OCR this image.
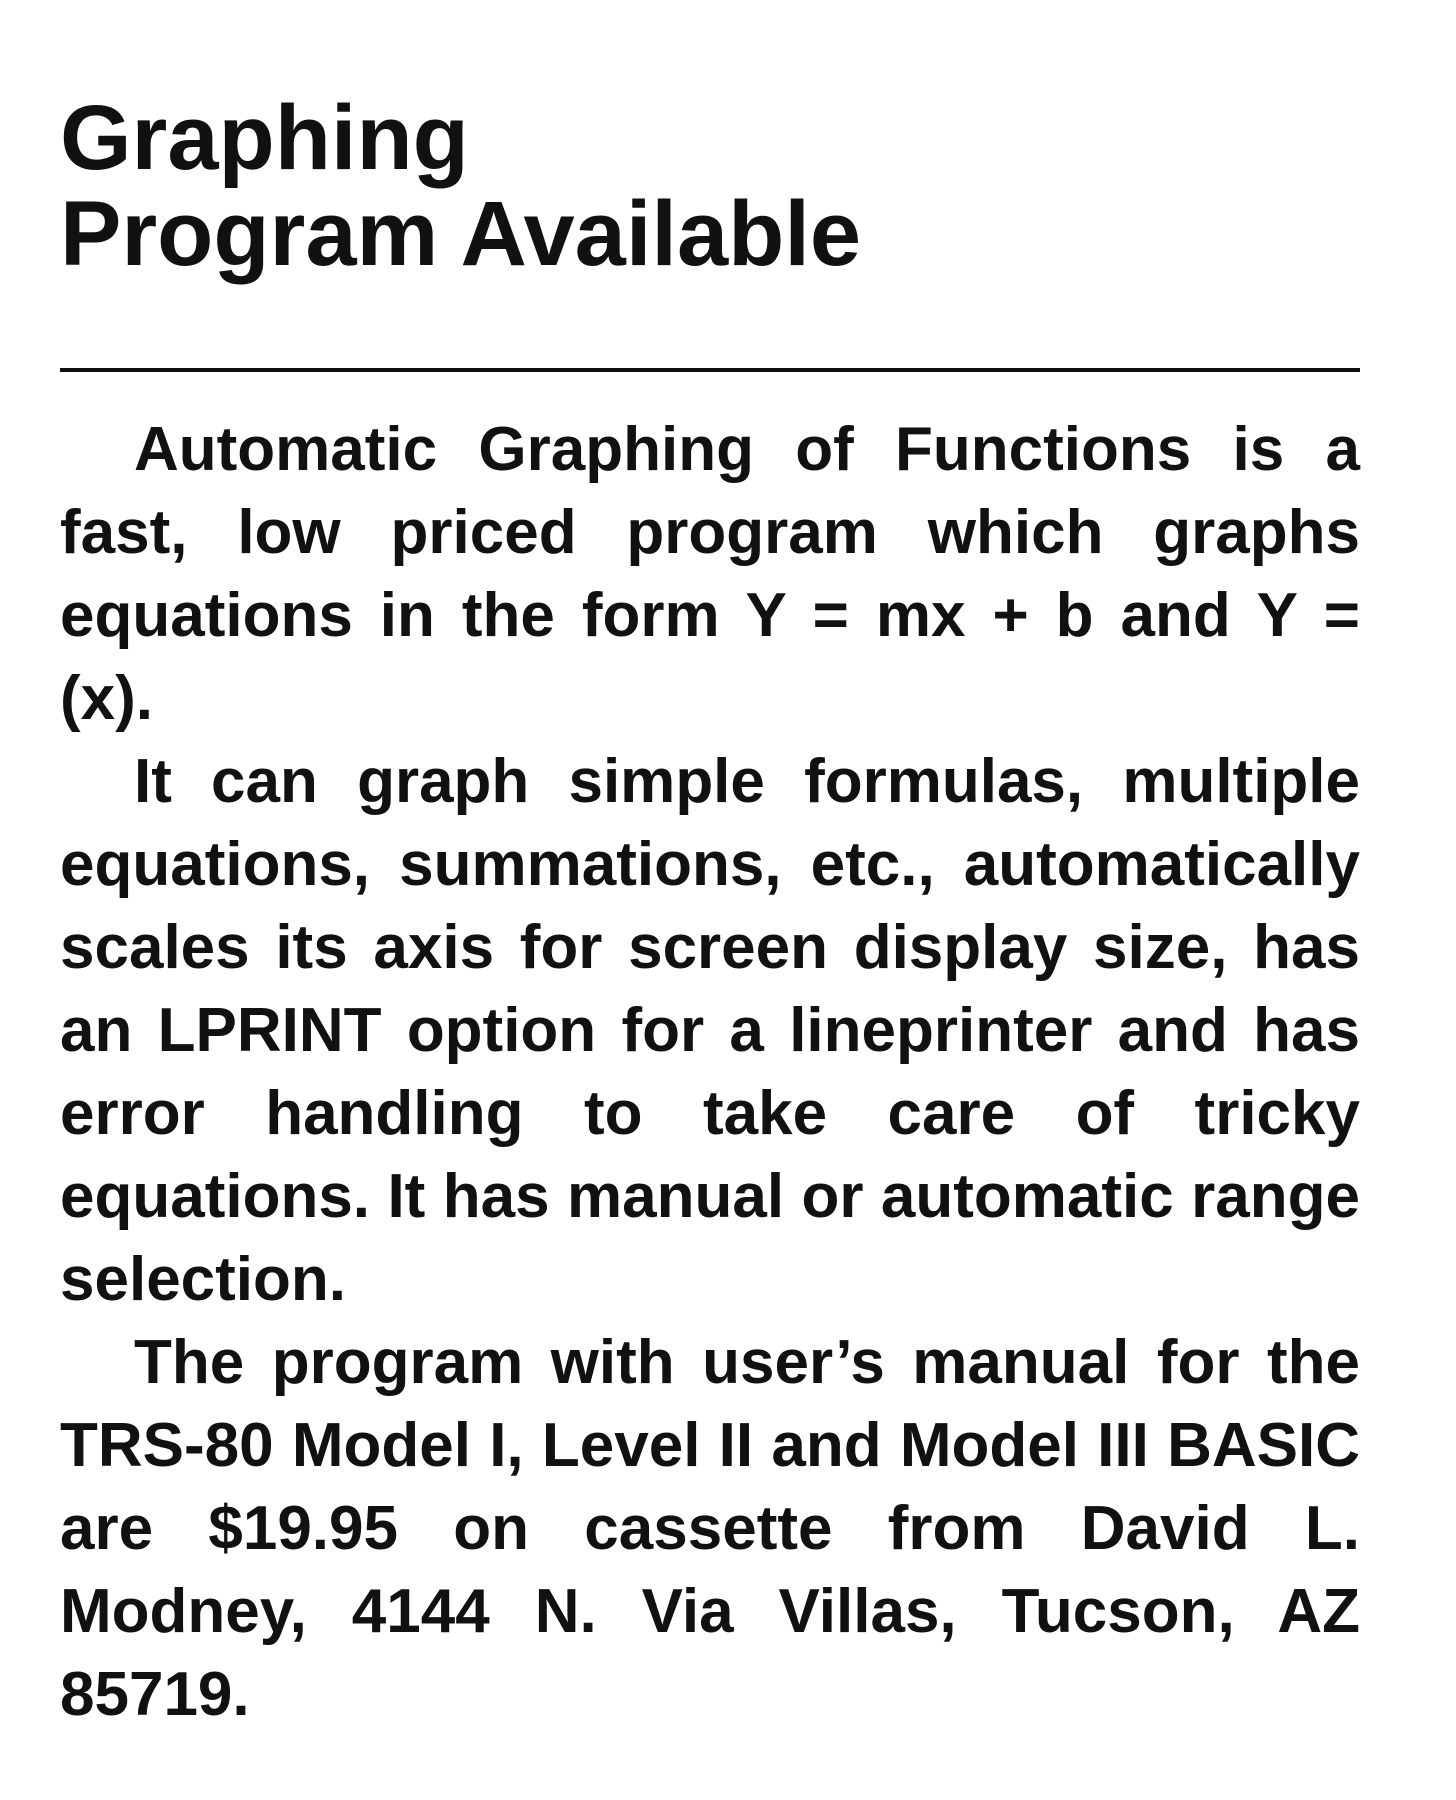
Graphing
Program Available

Automatic Graphing of Functions is a fast, low priced program which graphs equations in the form Y = mx + b and Y = (x).

It can graph simple formulas, multiple equations, summations, etc., automatically scales its axis for screen display size, has an LPRINT option for a lineprinter and has error handling to take care of tricky equations. It has manual or automatic range selection.

The program with user’s manual for the TRS-80 Model I, Level II and Model III BASIC are $19.95 on cassette from David L. Modney, 4144 N. Via Villas, Tucson, AZ 85719.
